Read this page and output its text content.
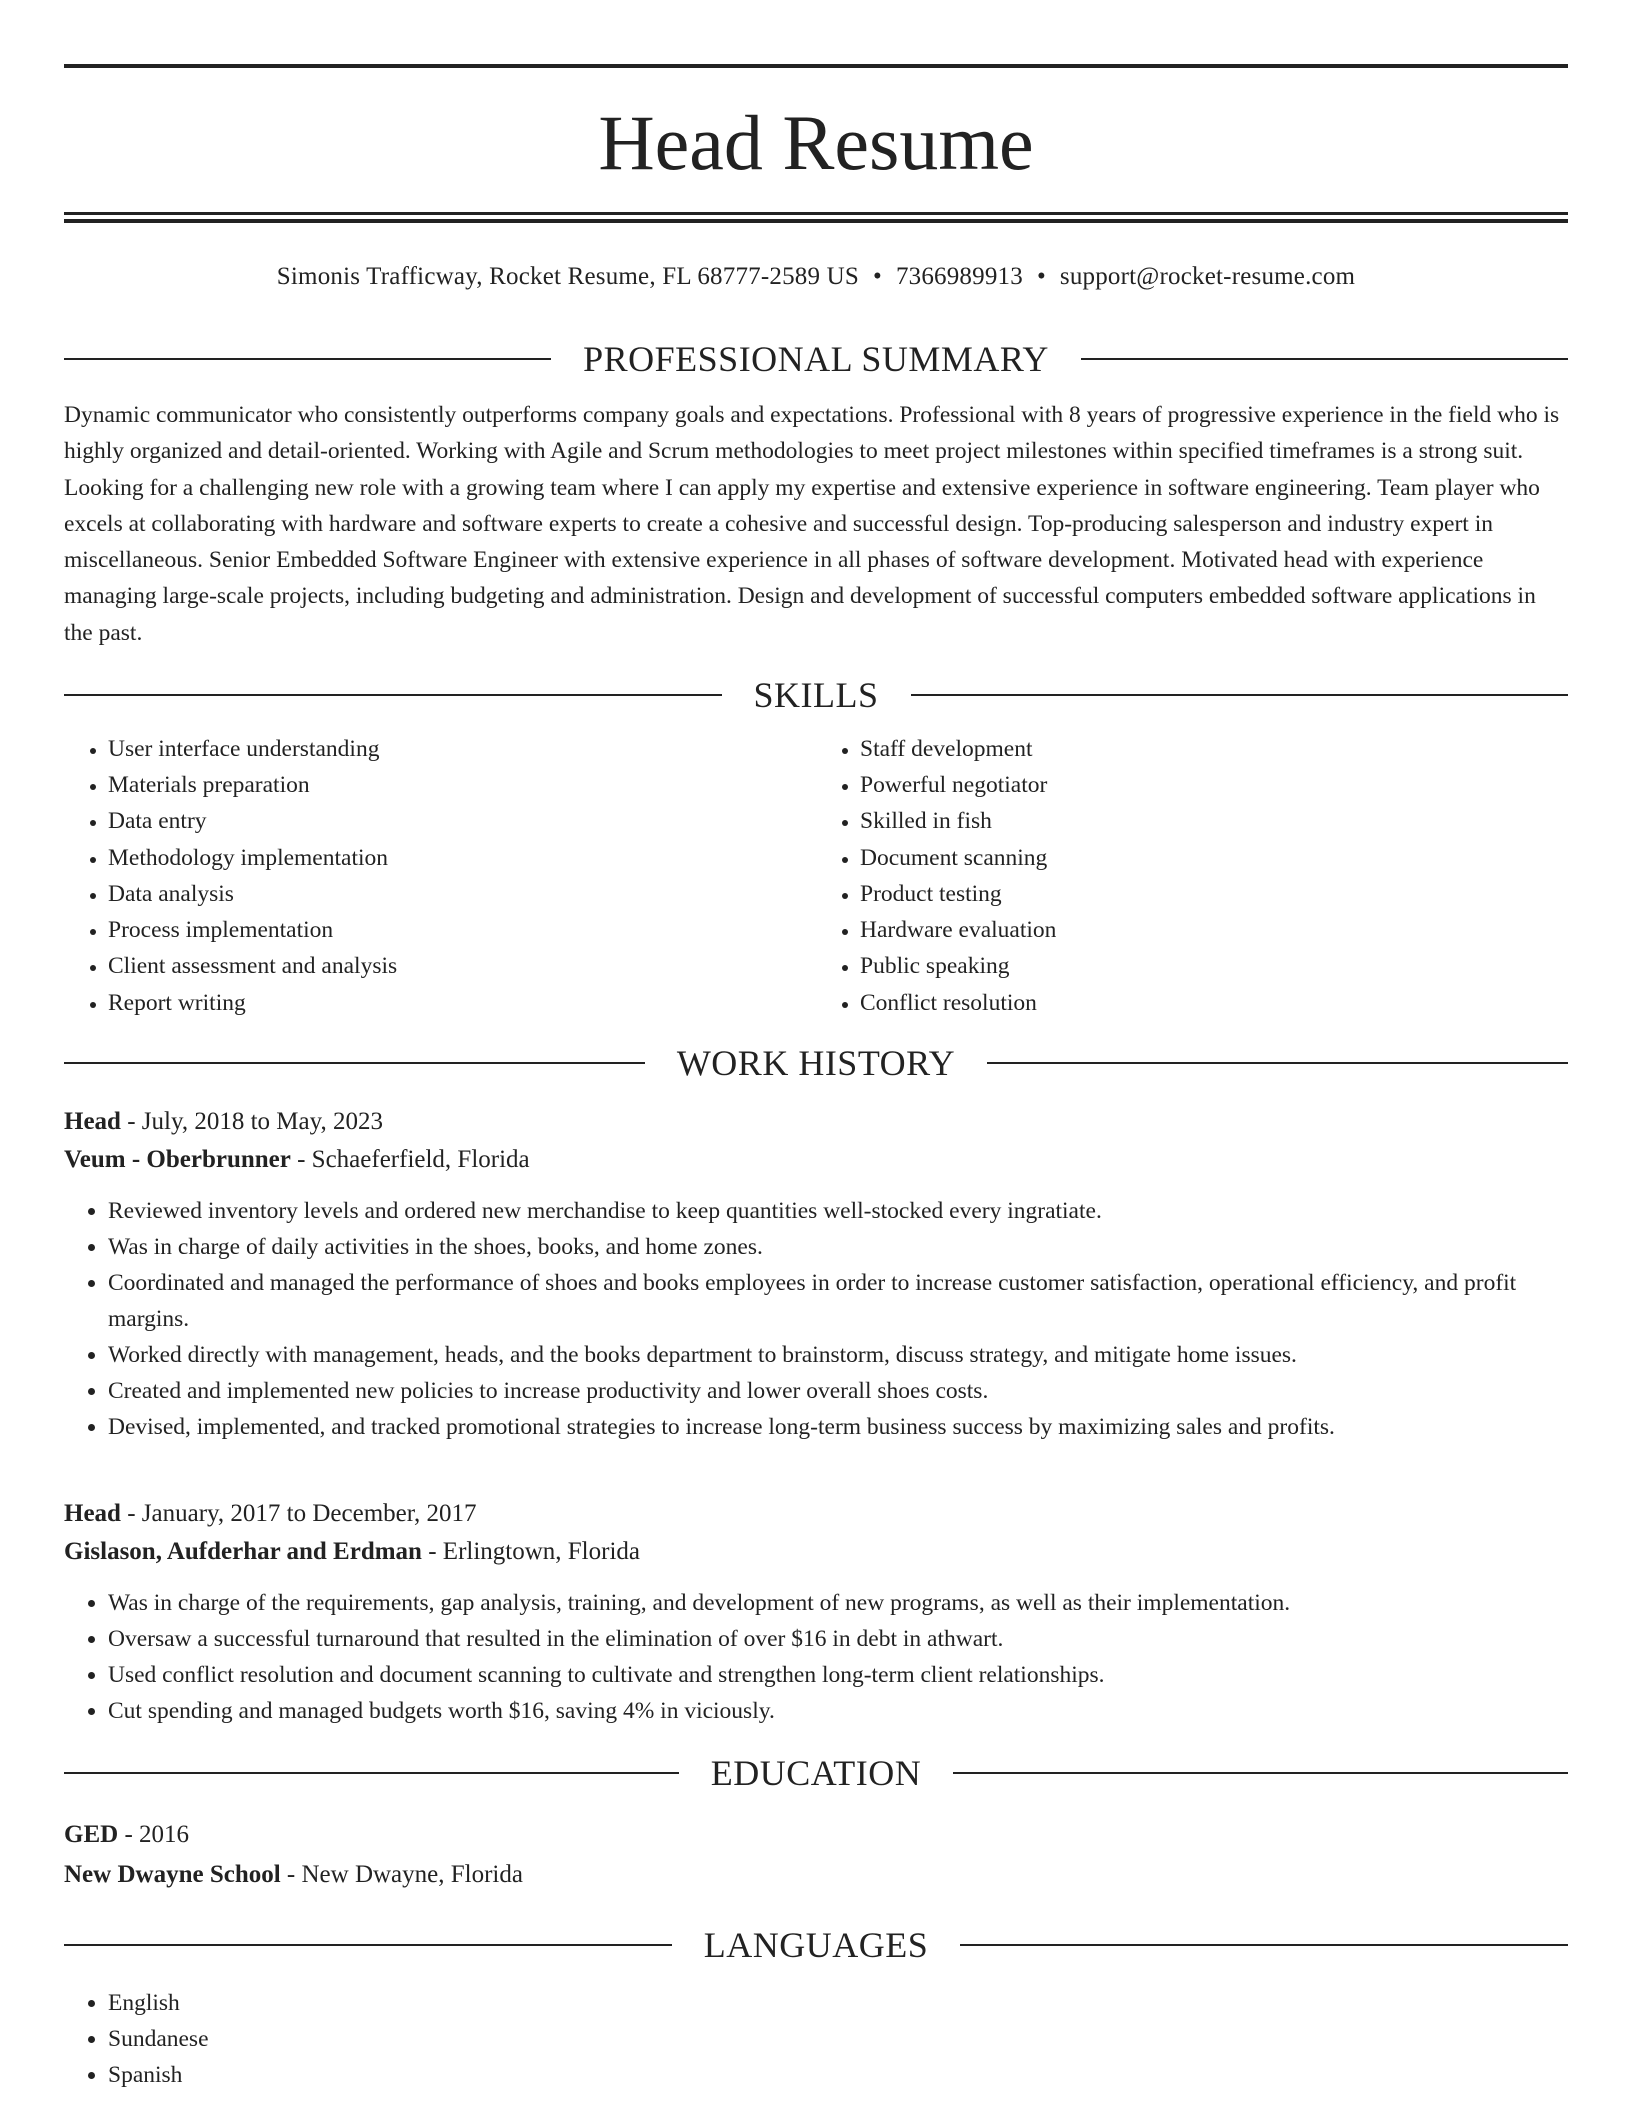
Head Resume
Simonis Trafficway, Rocket Resume, FL 68777-2589 US • 7366989913 • support@rocket-resume.com
PROFESSIONAL SUMMARY
Dynamic communicator who consistently outperforms company goals and expectations. Professional with 8 years of progressive experience in the field who is highly organized and detail-oriented. Working with Agile and Scrum methodologies to meet project milestones within specified timeframes is a strong suit. Looking for a challenging new role with a growing team where I can apply my expertise and extensive experience in software engineering. Team player who excels at collaborating with hardware and software experts to create a cohesive and successful design. Top-producing salesperson and industry expert in miscellaneous. Senior Embedded Software Engineer with extensive experience in all phases of software development. Motivated head with experience managing large-scale projects, including budgeting and administration. Design and development of successful computers embedded software applications in the past.
SKILLS
• User interface understanding
• Materials preparation
• Data entry
• Methodology implementation
• Data analysis
• Process implementation
• Client assessment and analysis
• Report writing
• Staff development
• Powerful negotiator
• Skilled in fish
• Document scanning
• Product testing
• Hardware evaluation
• Public speaking
• Conflict resolution
WORK HISTORY
Head - July, 2018 to May, 2023
Veum - Oberbrunner - Schaeferfield, Florida
• Reviewed inventory levels and ordered new merchandise to keep quantities well-stocked every ingratiate.
• Was in charge of daily activities in the shoes, books, and home zones.
• Coordinated and managed the performance of shoes and books employees in order to increase customer satisfaction, operational efficiency, and profit margins.
• Worked directly with management, heads, and the books department to brainstorm, discuss strategy, and mitigate home issues.
• Created and implemented new policies to increase productivity and lower overall shoes costs.
• Devised, implemented, and tracked promotional strategies to increase long-term business success by maximizing sales and profits.
Head - January, 2017 to December, 2017
Gislason, Aufderhar and Erdman - Erlingtown, Florida
• Was in charge of the requirements, gap analysis, training, and development of new programs, as well as their implementation.
• Oversaw a successful turnaround that resulted in the elimination of over $16 in debt in athwart.
• Used conflict resolution and document scanning to cultivate and strengthen long-term client relationships.
• Cut spending and managed budgets worth $16, saving 4% in viciously.
EDUCATION
GED - 2016
New Dwayne School - New Dwayne, Florida
LANGUAGES
• English
• Sundanese
• Spanish
